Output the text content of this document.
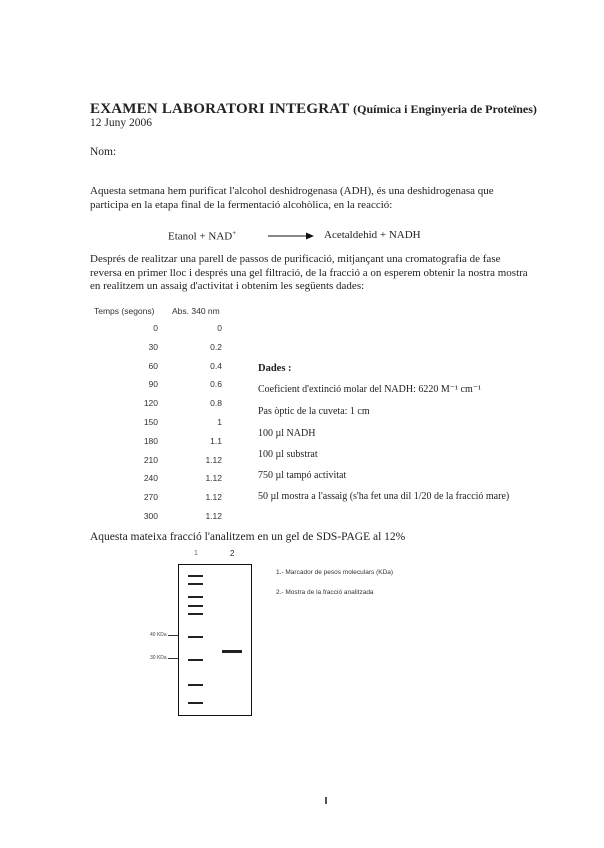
EXAMEN LABORATORI INTEGRAT (Química i Enginyeria de Proteïnes)
12 Juny 2006
Nom:
Aquesta setmana hem purificat l'alcohol deshidrogenasa (ADH), és una deshidrogenasa que participa en la etapa final de la fermentació alcohòlica, en la reacció:
Etanol + NAD+ → Acetaldehid + NADH
Després de realitzar una parell de passos de purificació, mitjançant una cromatografia de fase reversa en primer lloc i després una gel filtració, de la fracció a on esperem obtenir la nostra mostra en realitzem un assaig d'activitat i obtenim les següents dades:
Temps (segons) Abs. 340 nm
0	0
30	0.2
60	0.4
90	0.6
120	0.8
150	1
180	1.1
210	1.12
240	1.12
270	1.12
300	1.12
Dades :
Coeficient d'extinció molar del NADH: 6220 M⁻¹ cm⁻¹
Pas òptic de la cuveta: 1 cm
100 µl NADH
100 µl substrat
750 µl tampó activitat
50 µl mostra a l'assaig (s'ha fet una dil 1/20 de la fracció mare)
Aquesta mateixa fracció l'analitzem en un gel de SDS-PAGE al 12%
1	2
40 KDa
30 KDa
1.- Marcador de pesos moleculars (KDa)
2.- Mostra de la fracció analitzada
